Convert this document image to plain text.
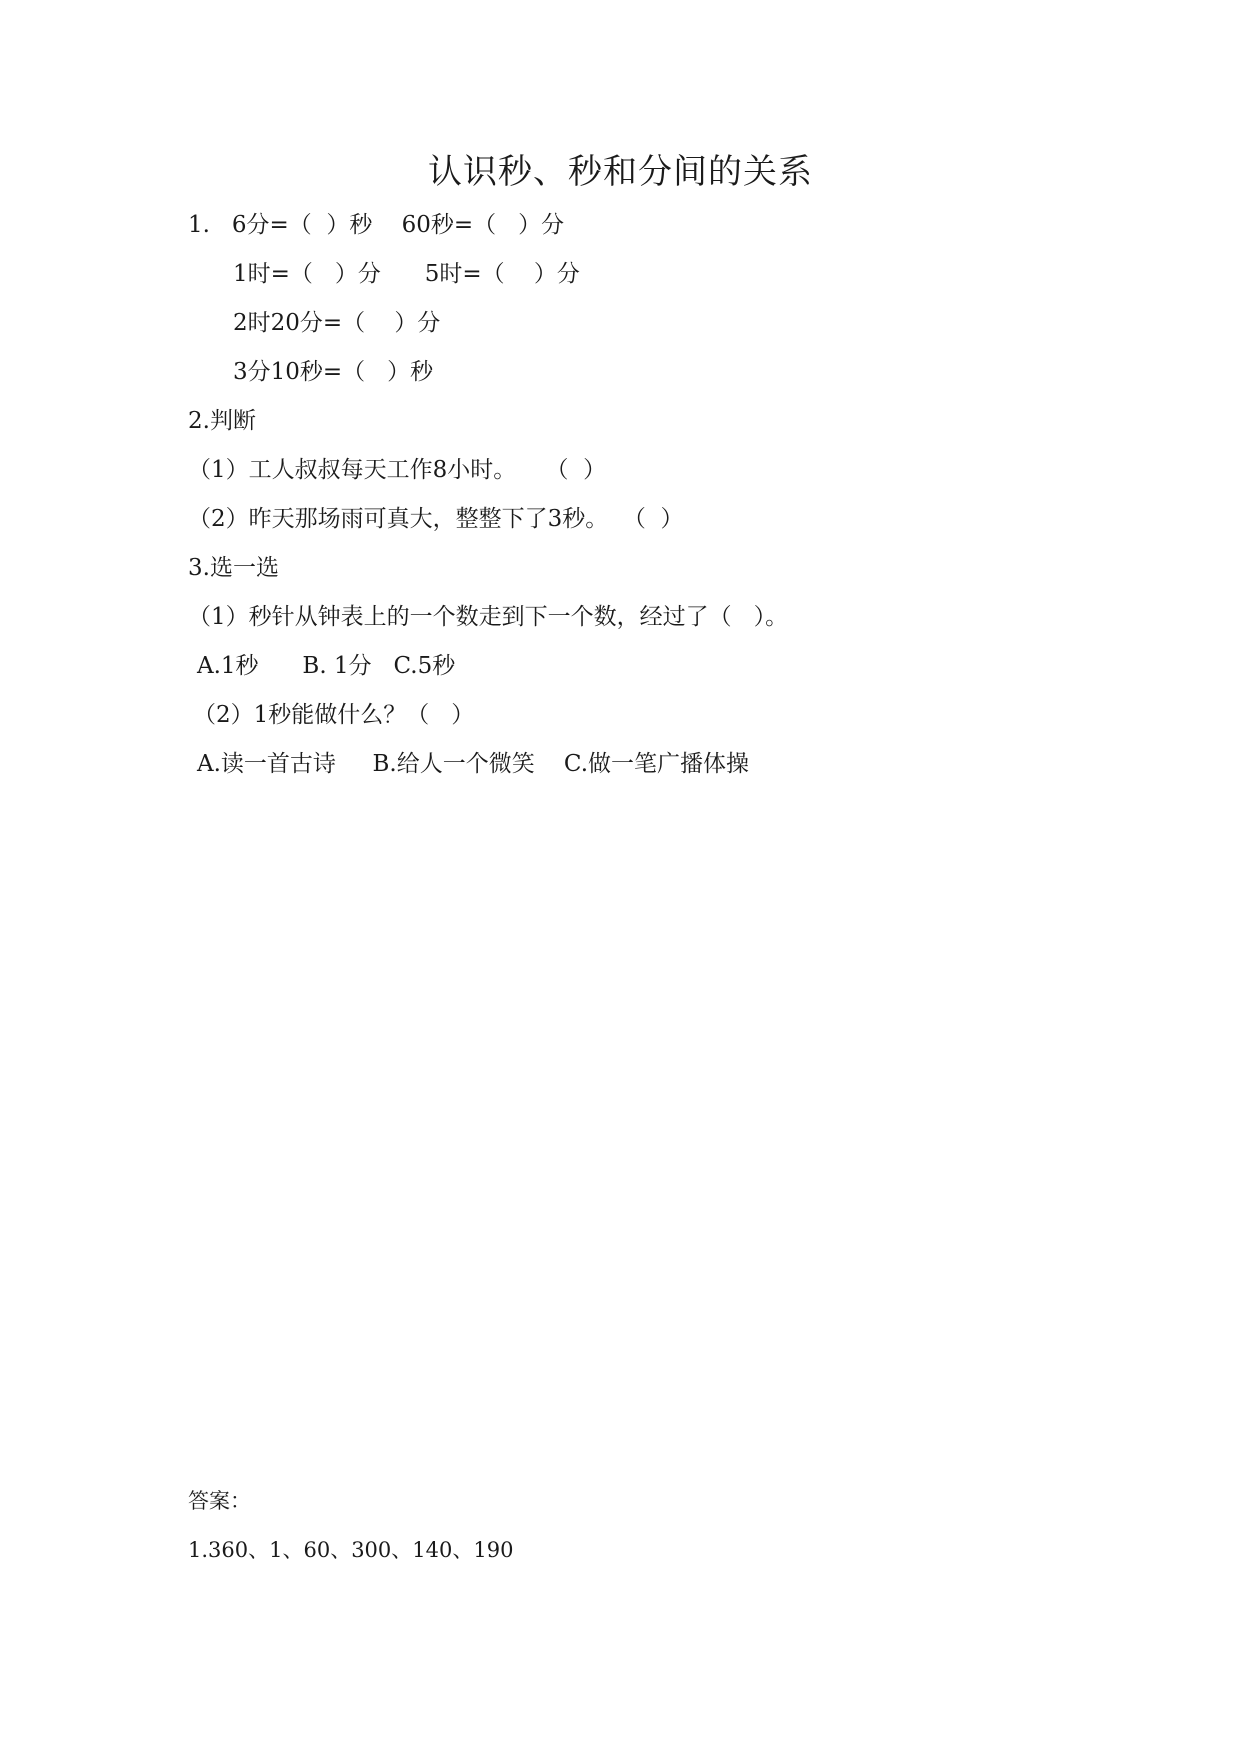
认识秒、秒和分间的关系
1.   6分=（  ）秒    60秒=（   ）分
1时=（   ）分      5时=（    ）分
2时20分=（    ）分
3分10秒=（   ）秒
2.判断
（1）工人叔叔每天工作8小时。    （  ）
（2）昨天那场雨可真大，整整下了3秒。  （  ）
3.选一选
（1）秒针从钟表上的一个数走到下一个数，经过了（   ）。
A.1秒      B. 1分   C.5秒
（2）1秒能做什么？（   ）
A.读一首古诗     B.给人一个微笑    C.做一笔广播体操
答案：
1.360、1、60、300、140、190
